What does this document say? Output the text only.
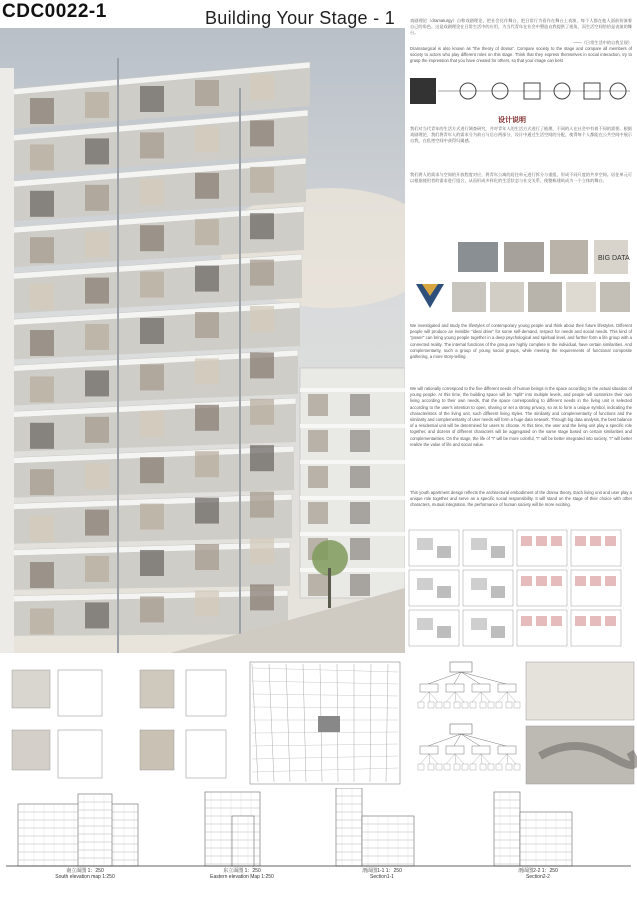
CDC0022-1	Building Your Stage - 1	戏剧理论（dramaturgy）自称戏剧理论，把社会比作舞台，把日常行为看作在舞台上表演，每个人都在他人面前扮演着自己的角色。这是戏剧理论在日常生活中的应用，为当代青年在社会中塑造自我提供了视角，而生活空间恰恰是表演的舞台。
——《日常生活中的自我呈现》
Dramaturgical is also known as "the theory of drama". Compare society to the stage and compare all members of society to actors who play different roles on this stage. Think that they express themselves in social interaction, try to grasp the impression that you have created for others, so that your image can best
设计说明
我们对当代青年的生活方式进行调查研究，并对青年人的生活方式进行了梳理，不同的人在社会中有着不同的需要。根据戏剧理论，我们将青年人的需求分为前台与后台两部分，设计中通过生活空间的分配，使得每个人都能在公共空间中展示自我，在私密空间中获得归属感。
我们将人的需求与空间的开放程度对应，将青年公寓的居住单元进行拆分与重组，形成不同尺度的共享空间。居住单元可以根据使用者的需求进行组合，从而形成多样化的生活状态与社交关系，使整栋建筑成为一个立体的舞台。
BIG DATA
We investigated and study the lifestyles of contemporary young people and think about their future lifestyles. Different people will produce an invisible "ideal drive" for some self-demand, respect for needs and social needs. This kind of "power" can bring young people together in a deep psychological and spiritual level, and further form a life group with a connected reality. The internal functions of the group are highly complete in the individual, have certain similarities. And complementarity, such a group of young social groups, while meeting the requirements of functional composite gathering, a more story-telling.
We will rationally correspond to the five different needs of human beings in the space according to the actual situation of young people. At this time, the building space will be "split" into multiple levels, and people will customize their own living according to their own needs, that the space corresponding to different needs in the living unit is selected according to the user's intention to open, sharing or set a strong privacy, so as to form a unique symbol, indicating the characteristics of the living unit, such different living styles. The similarity and complementarity of functions and the similarity and complementarity of user needs will form a huge data network. Through big data analysis, the best balance of a residential unit will be determined for users to choose. At this time, the user and the living unit play a specific role together, and dozens of different characters will be aggregated on the same stage based on certain similarities and complementarities. On the stage, the life of "I" will be more colorful, "I" will be better integrated into society, "I" will better realize the value of life and social value.
This youth apartment design reflects the architectural embodiment of the drama theory. Each living unit and user play a unique role together and serve as a specific social responsibility. It will stand on the stage of their choice with other characters, mutual integration, the performance of human society will be more exciting.
南立面图 1：250
South elevation map 1:250
东立面图 1：250
Eastern elevation Map 1:250
剖面图1-1 1：250
Section1-1
剖面图2-2 1：250
Section2-2
